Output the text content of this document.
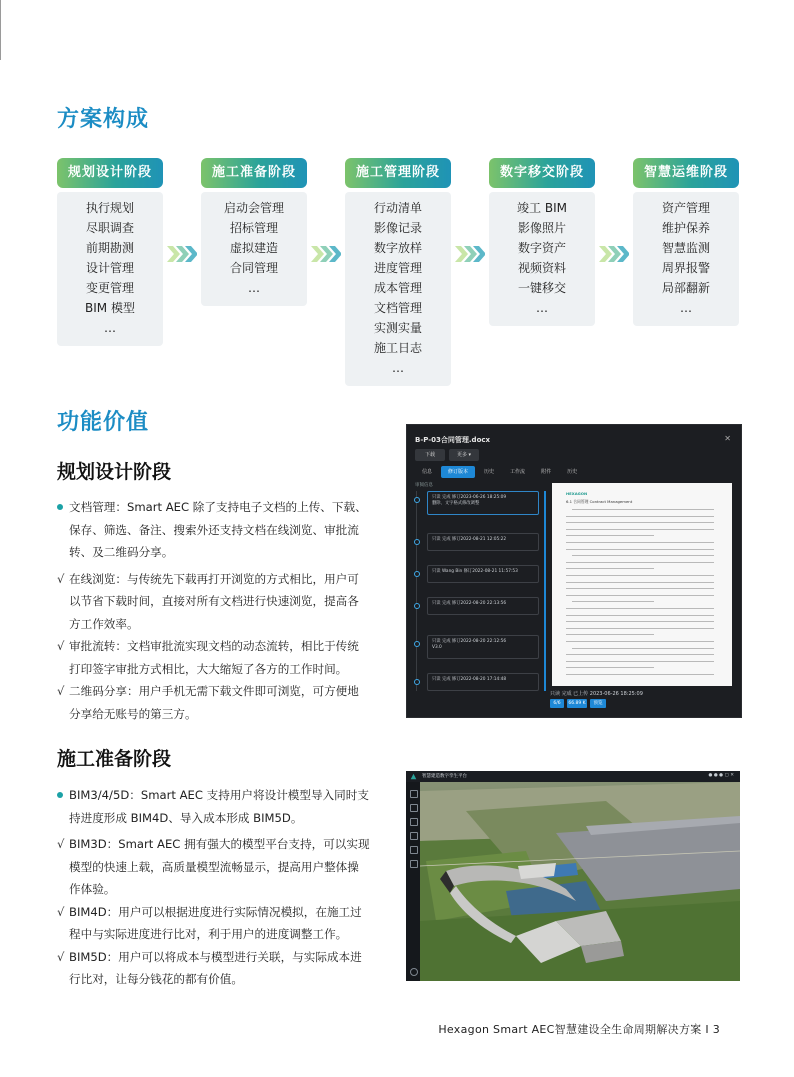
方案构成
规划设计阶段
执行规划
尽职调查
前期勘测
设计管理
变更管理
BIM 模型
…
施工准备阶段
启动会管理
招标管理
虚拟建造
合同管理
…
施工管理阶段
行动清单
影像记录
数字放样
进度管理
成本管理
文档管理
实测实量
施工日志
…
数字移交阶段
竣工 BIM
影像照片
数字资产
视频资料
一键移交
…
智慧运维阶段
资产管理
维护保养
智慧监测
周界报警
局部翻新
…
功能价值
规划设计阶段
文档管理：Smart AEC 除了支持电子文档的上传、下载、
保存、筛选、备注、搜索外还支持文档在线浏览、审批流
转、及二维码分享。
√ 在线浏览：与传统先下载再打开浏览的方式相比，用户可
以节省下载时间，直接对所有文档进行快速浏览，提高各
方工作效率。
√ 审批流转：文档审批流实现文档的动态流转，相比于传统
打印签字审批方式相比，大大缩短了各方的工作时间。
√ 二维码分享：用户手机无需下载文件即可浏览，可方便地
分享给无账号的第三方。
施工准备阶段
BIM3/4/5D：Smart AEC 支持用户将设计模型导入同时支
持进度形成 BIM4D、导入成本形成 BIM5D。
√ BIM3D：Smart AEC 拥有强大的模型平台支持，可以实现
模型的快速上载，高质量模型流畅显示，提高用户整体操
作体验。
√ BIM4D：用户可以根据进度进行实际情况模拟，在施工过
程中与实际进度进行比对，利于用户的进度调整工作。
√ BIM5D：用户可以将成本与模型进行关联，与实际成本进
行比对，让每分钱花的都有价值。
B-P-03合同管理.docx	✕
下载	更多 ▾
信息	修订版本	历史	工作流	附件	历史
审阅信息
只读 完成 修订2023-06-26 18:25:09
删除、文字格式修改调整
只读 完成 修订2022-08-21 12:05:22
只读 Wang Bin 修订2022-08-21 11:57:53
只读 完成 修订2022-08-20 22:13:56
只读 完成 修订2022-08-20 22:12:56
V3.0
只读 完成 修订2022-08-20 17:14:48
HEXAGON
6.1 合同管理 Contract Management
只读 完成 已上传 2023-06-26 18:25:09
6/6	66.89 K	预览
智慧建造数字孪生平台	● ● ● ▢ ✕
Hexagon Smart AEC智慧建设全生命周期解决方案 I 3
